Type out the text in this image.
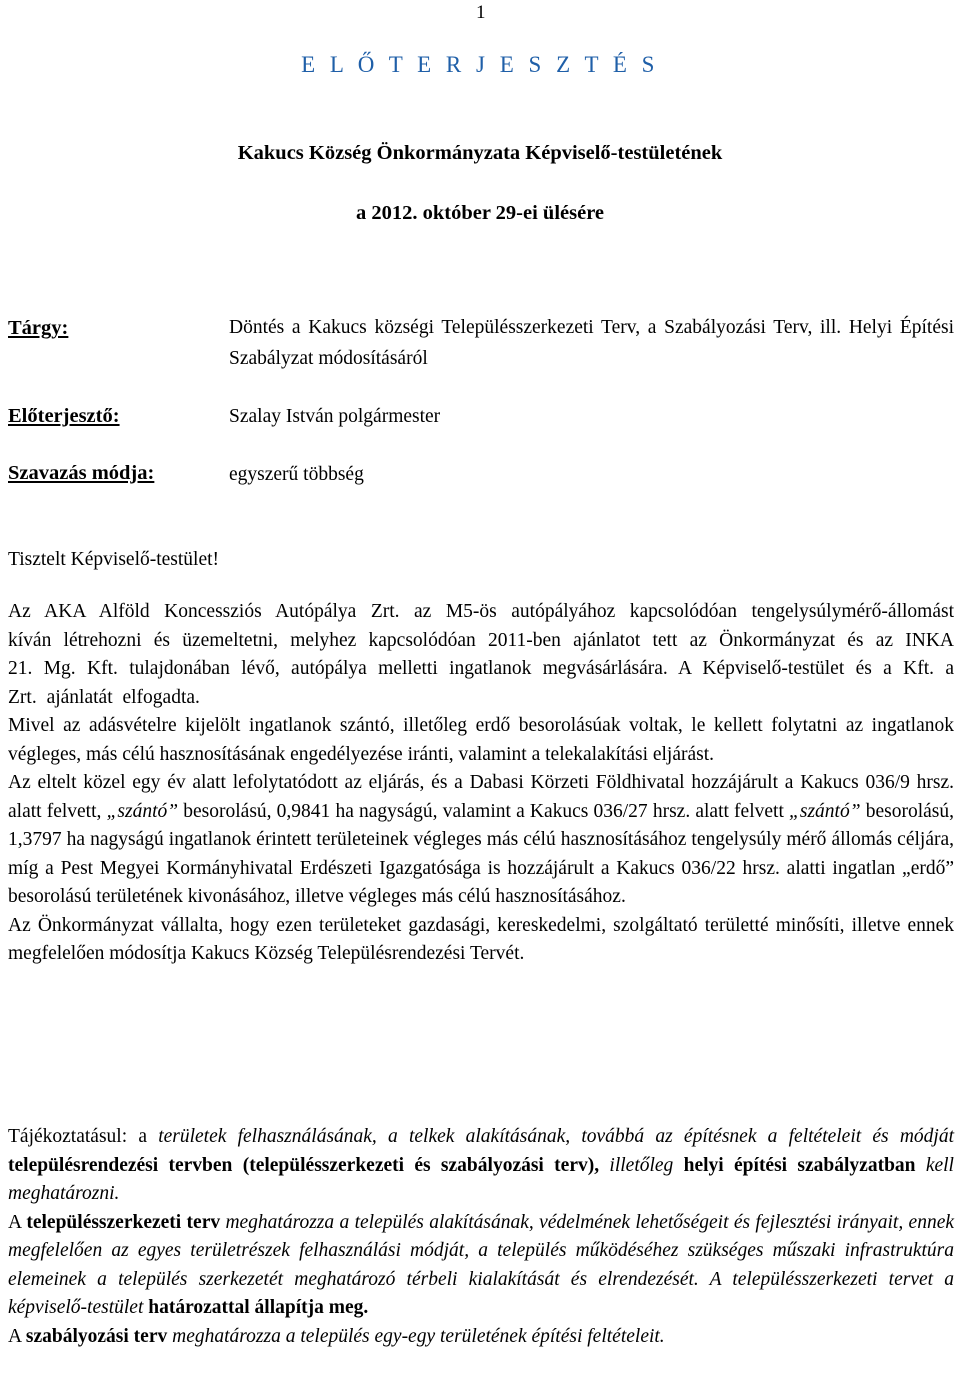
1
E L Ő T E R J E S Z T É S
Kakucs Község Önkormányzata Képviselő-testületének
a 2012. október 29-ei ülésére

Tárgy:	Döntés a Kakucs községi Településszerkezeti Terv, a Szabályozási Terv, ill. Helyi Építési Szabályzat módosításáról

Előterjesztő:	Szalay István polgármester

Szavazás módja:	egyszerű többség

Tisztelt Képviselő-testület!

Az AKA Alföld Koncessziós Autópálya Zrt. az M5-ös autópályához kapcsolódóan tengelysúlymérő-állomást kíván létrehozni és üzemeltetni, melyhez kapcsolódóan 2011-ben ajánlatot tett az Önkormányzat és az INKA 21. Mg. Kft. tulajdonában lévő, autópálya melletti ingatlanok megvásárlására. A Képviselő-testület és a Kft. a Zrt. ajánlatát elfogadta.

Mivel az adásvételre kijelölt ingatlanok szántó, illetőleg erdő besorolásúak voltak, le kellett folytatni az ingatlanok végleges, más célú hasznosításának engedélyezése iránti, valamint a telekalakítási eljárást.

Az eltelt közel egy év alatt lefolytatódott az eljárás, és a Dabasi Körzeti Földhivatal hozzájárult a Kakucs 036/9 hrsz. alatt felvett, „szántó” besorolású, 0,9841 ha nagyságú, valamint a Kakucs 036/27 hrsz. alatt felvett „szántó” besorolású, 1,3797 ha nagyságú ingatlanok érintett területeinek végleges más célú hasznosításához tengelysúly mérő állomás céljára, míg a Pest Megyei Kormányhivatal Erdészeti Igazgatósága is hozzájárult a Kakucs 036/22 hrsz. alatti ingatlan „erdő” besorolású területének kivonásához, illetve végleges más célú hasznosításához.

Az Önkormányzat vállalta, hogy ezen területeket gazdasági, kereskedelmi, szolgáltató területté minősíti, illetve ennek megfelelően módosítja Kakucs Község Településrendezési Tervét.

Tájékoztatásul: a területek felhasználásának, a telkek alakításának, továbbá az építésnek a feltételeit és módját településrendezési tervben (településszerkezeti és szabályozási terv), illetőleg helyi építési szabályzatban kell meghatározni.

A településszerkezeti terv meghatározza a település alakításának, védelmének lehetőségeit és fejlesztési irányait, ennek megfelelően az egyes területrészek felhasználási módját, a település működéséhez szükséges műszaki infrastruktúra elemeinek a település szerkezetét meghatározó térbeli kialakítását és elrendezését. A településszerkezeti tervet a képviselő-testület határozattal állapítja meg.

A szabályozási terv meghatározza a település egy-egy területének építési feltételeit.
